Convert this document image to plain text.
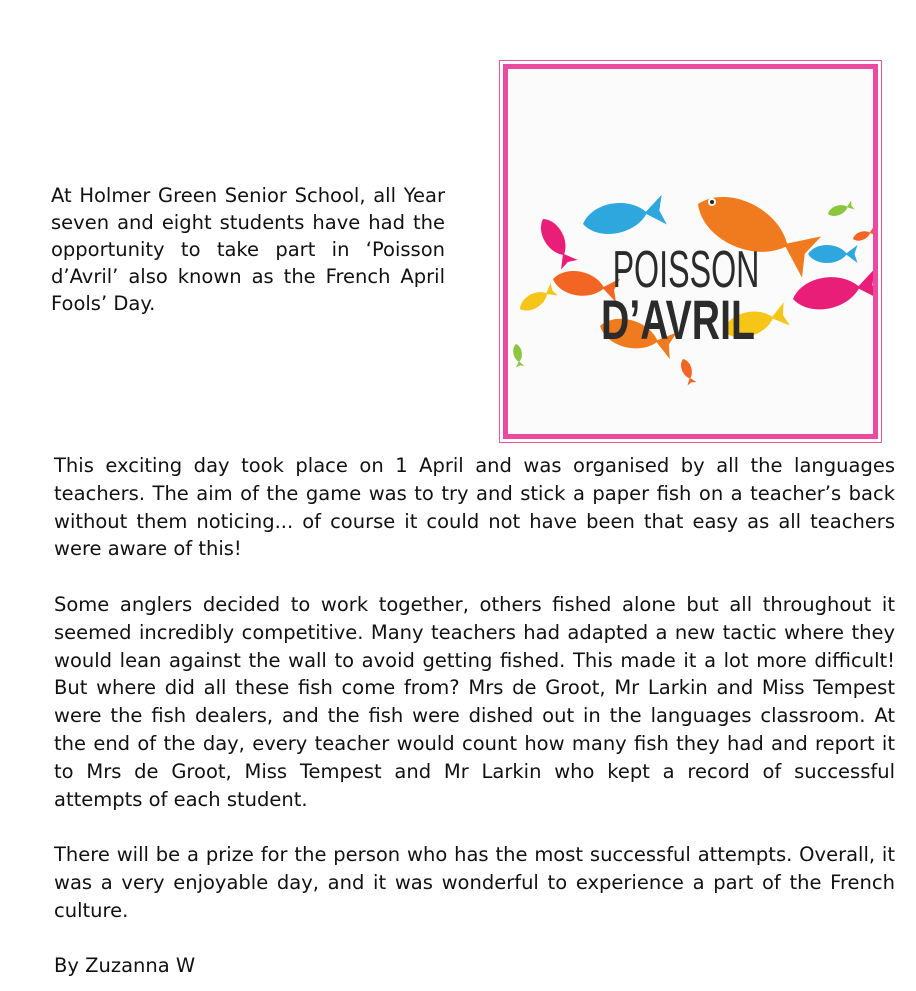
At Holmer Green Senior School, all Year seven and eight students have had the opportunity to take part in ‘Poisson d’Avril’ also known as the French April Fools’ Day.

POISSON
D’AVRIL

This exciting day took place on 1 April and was organised by all the languages teachers. The aim of the game was to try and stick a paper fish on a teacher’s back without them noticing... of course it could not have been that easy as all teachers were aware of this!

Some anglers decided to work together, others fished alone but all throughout it seemed incredibly competitive. Many teachers had adapted a new tactic where they would lean against the wall to avoid getting fished. This made it a lot more difficult! But where did all these fish come from? Mrs de Groot, Mr Larkin and Miss Tempest were the fish dealers, and the fish were dished out in the languages classroom. At the end of the day, every teacher would count how many fish they had and report it to Mrs de Groot, Miss Tempest and Mr Larkin who kept a record of successful attempts of each student.

There will be a prize for the person who has the most successful attempts. Overall, it was a very enjoyable day, and it was wonderful to experience a part of the French culture.

By Zuzanna W
